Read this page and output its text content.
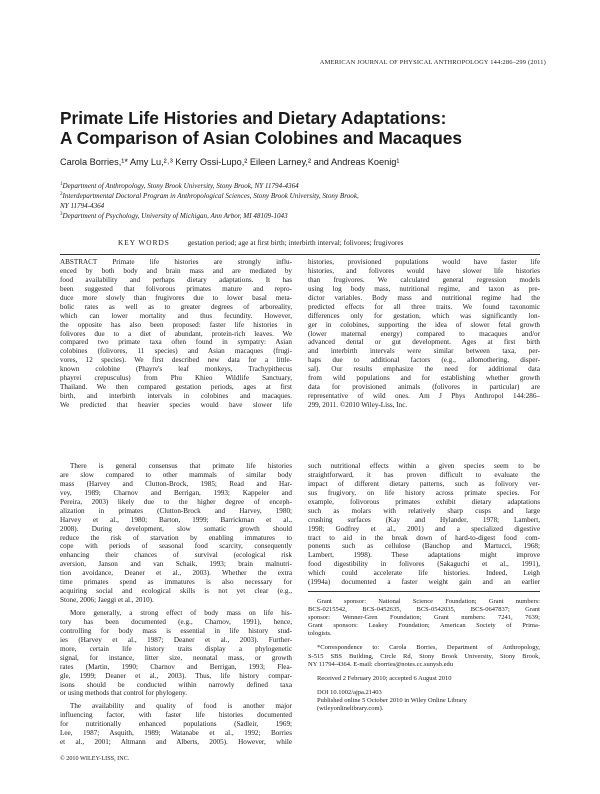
AMERICAN JOURNAL OF PHYSICAL ANTHROPOLOGY 144:286–299 (2011)
Primate Life Histories and Dietary Adaptations:
A Comparison of Asian Colobines and Macaques
Carola Borries,¹* Amy Lu,²˒³ Kerry Ossi-Lupo,² Eileen Larney,² and Andreas Koenig¹
$^1$Department of Anthropology, Stony Brook University, Stony Brook, NY 11794-4364
$^2$Interdepartmental Doctoral Program in Anthropological Sciences, Stony Brook University, Stony Brook,
NY 11794-4364
$^3$Department of Psychology, University of Michigan, Ann Arbor, MI 48109-1043
KEY WORDS gestation period; age at first birth; interbirth interval; folivores; frugivores
ABSTRACT Primate life histories are strongly influ-
enced by both body and brain mass and are mediated by
food availability and perhaps dietary adaptations. It has
been suggested that folivorous primates mature and repro-
duce more slowly than frugivores due to lower basal meta-
bolic rates as well as to greater degrees of arboreality,
which can lower mortality and thus fecundity. However,
the opposite has also been proposed: faster life histories in
folivores due to a diet of abundant, protein-rich leaves. We
compared two primate taxa often found in sympatry: Asian
colobines (folivores, 11 species) and Asian macaques (frugi-
vores, 12 species). We first described new data for a little-
known colobine (Phayre's leaf monkeys, Trachypithecus
phayrei crepusculus) from Phu Khieo Wildlife Sanctuary,
Thailand. We then compared gestation periods, ages at first
birth, and interbirth intervals in colobines and macaques.
We predicted that heavier species would have slower life
histories, provisioned populations would have faster life
histories, and folivores would have slower life histories
than frugivores. We calculated general regression models
using log body mass, nutritional regime, and taxon as pre-
dictor variables. Body mass and nutritional regime had the
predicted effects for all three traits. We found taxonomic
differences only for gestation, which was significantly lon-
ger in colobines, supporting the idea of slower fetal growth
(lower maternal energy) compared to macaques and/or
advanced dental or gut development. Ages at first birth
and interbirth intervals were similar between taxa, per-
haps due to additional factors (e.g., allomothering, disper-
sal). Our results emphasize the need for additional data
from wild populations and for establishing whether growth
data for provisioned animals (folivores in particular) are
representative of wild ones. Am J Phys Anthropol 144:286–
299, 2011. ©2010 Wiley-Liss, Inc.
There is general consensus that primate life histories
are slow compared to other mammals of similar body
mass (Harvey and Clutton-Brock, 1985; Read and Har-
vey, 1989; Charnov and Berrigan, 1993; Kappeler and
Pereira, 2003) likely due to the higher degree of enceph-
alization in primates (Clutton-Brock and Harvey, 1980;
Harvey et al., 1980; Barton, 1999; Barrickman et al.,
2008). During development, slow somatic growth should
reduce the risk of starvation by enabling immatures to
cope with periods of seasonal food scarcity, consequently
enhancing their chances of survival (ecological risk
aversion, Janson and van Schaik, 1993; brain malnutri-
tion avoidance, Deaner et al., 2003). Whether the extra
time primates spend as immatures is also necessary for
acquiring social and ecological skills is not yet clear (e.g.,
Stone, 2006; Jaeggi et al., 2010).
More generally, a strong effect of body mass on life his-
tory has been documented (e.g., Charnov, 1991), hence,
controlling for body mass is essential in life history stud-
ies (Harvey et al., 1987; Deaner et al., 2003). Further-
more, certain life history traits display a phylogenetic
signal, for instance, litter size, neonatal mass, or growth
rates (Martin, 1990; Charnov and Berrigan, 1993; Flea-
gle, 1999; Deaner et al., 2003). Thus, life history compar-
isons should be conducted within narrowly defined taxa
or using methods that control for phylogeny.
The availability and quality of food is another major
influencing factor, with faster life histories documented
for nutritionally enhanced populations (Sadleir, 1969;
Lee, 1987; Asquith, 1989; Watanabe et al., 1992; Borries
et al., 2001; Altmann and Alberts, 2005). However, while
such nutritional effects within a given species seem to be
straightforward, it has proven difficult to evaluate the
impact of different dietary patterns, such as folivory ver-
sus frugivory, on life history across primate species. For
example, folivorous primates exhibit dietary adaptations
such as molars with relatively sharp cusps and large
crushing surfaces (Kay and Hylander, 1978; Lambert,
1998; Godfrey et al., 2001) and a specialized digestive
tract to aid in the break down of hard-to-digest food com-
ponents such as cellulose (Bauchop and Martucci, 1968;
Lambert, 1998). These adaptations might improve
food digestibility in folivores (Sakaguchi et al., 1991),
which could accelerate life histories. Indeed, Leigh
(1994a) documented a faster weight gain and an earlier
Grant sponsor: National Science Foundation; Grant numbers:
BCS-0215542, BCS-0452635, BCS-0542035, BCS-0647837; Grant
sponsor: Wenner-Gren Foundation; Grant numbers: 7241, 7639;
Grant sponsors: Leakey Foundation; American Society of Prima-
tologists.
*Correspondence to: Carola Borries, Department of Anthropology,
S-515 SBS Building, Circle Rd, Stony Brook University, Stony Brook,
NY 11794-4364. E-mail: cborries@notes.cc.sunysb.edu
Received 2 February 2010; accepted 6 August 2010
DOI 10.1002/ajpa.21403
Published online 5 October 2010 in Wiley Online Library
(wileyonlinelibrary.com).
© 2010 WILEY-LISS, INC.
